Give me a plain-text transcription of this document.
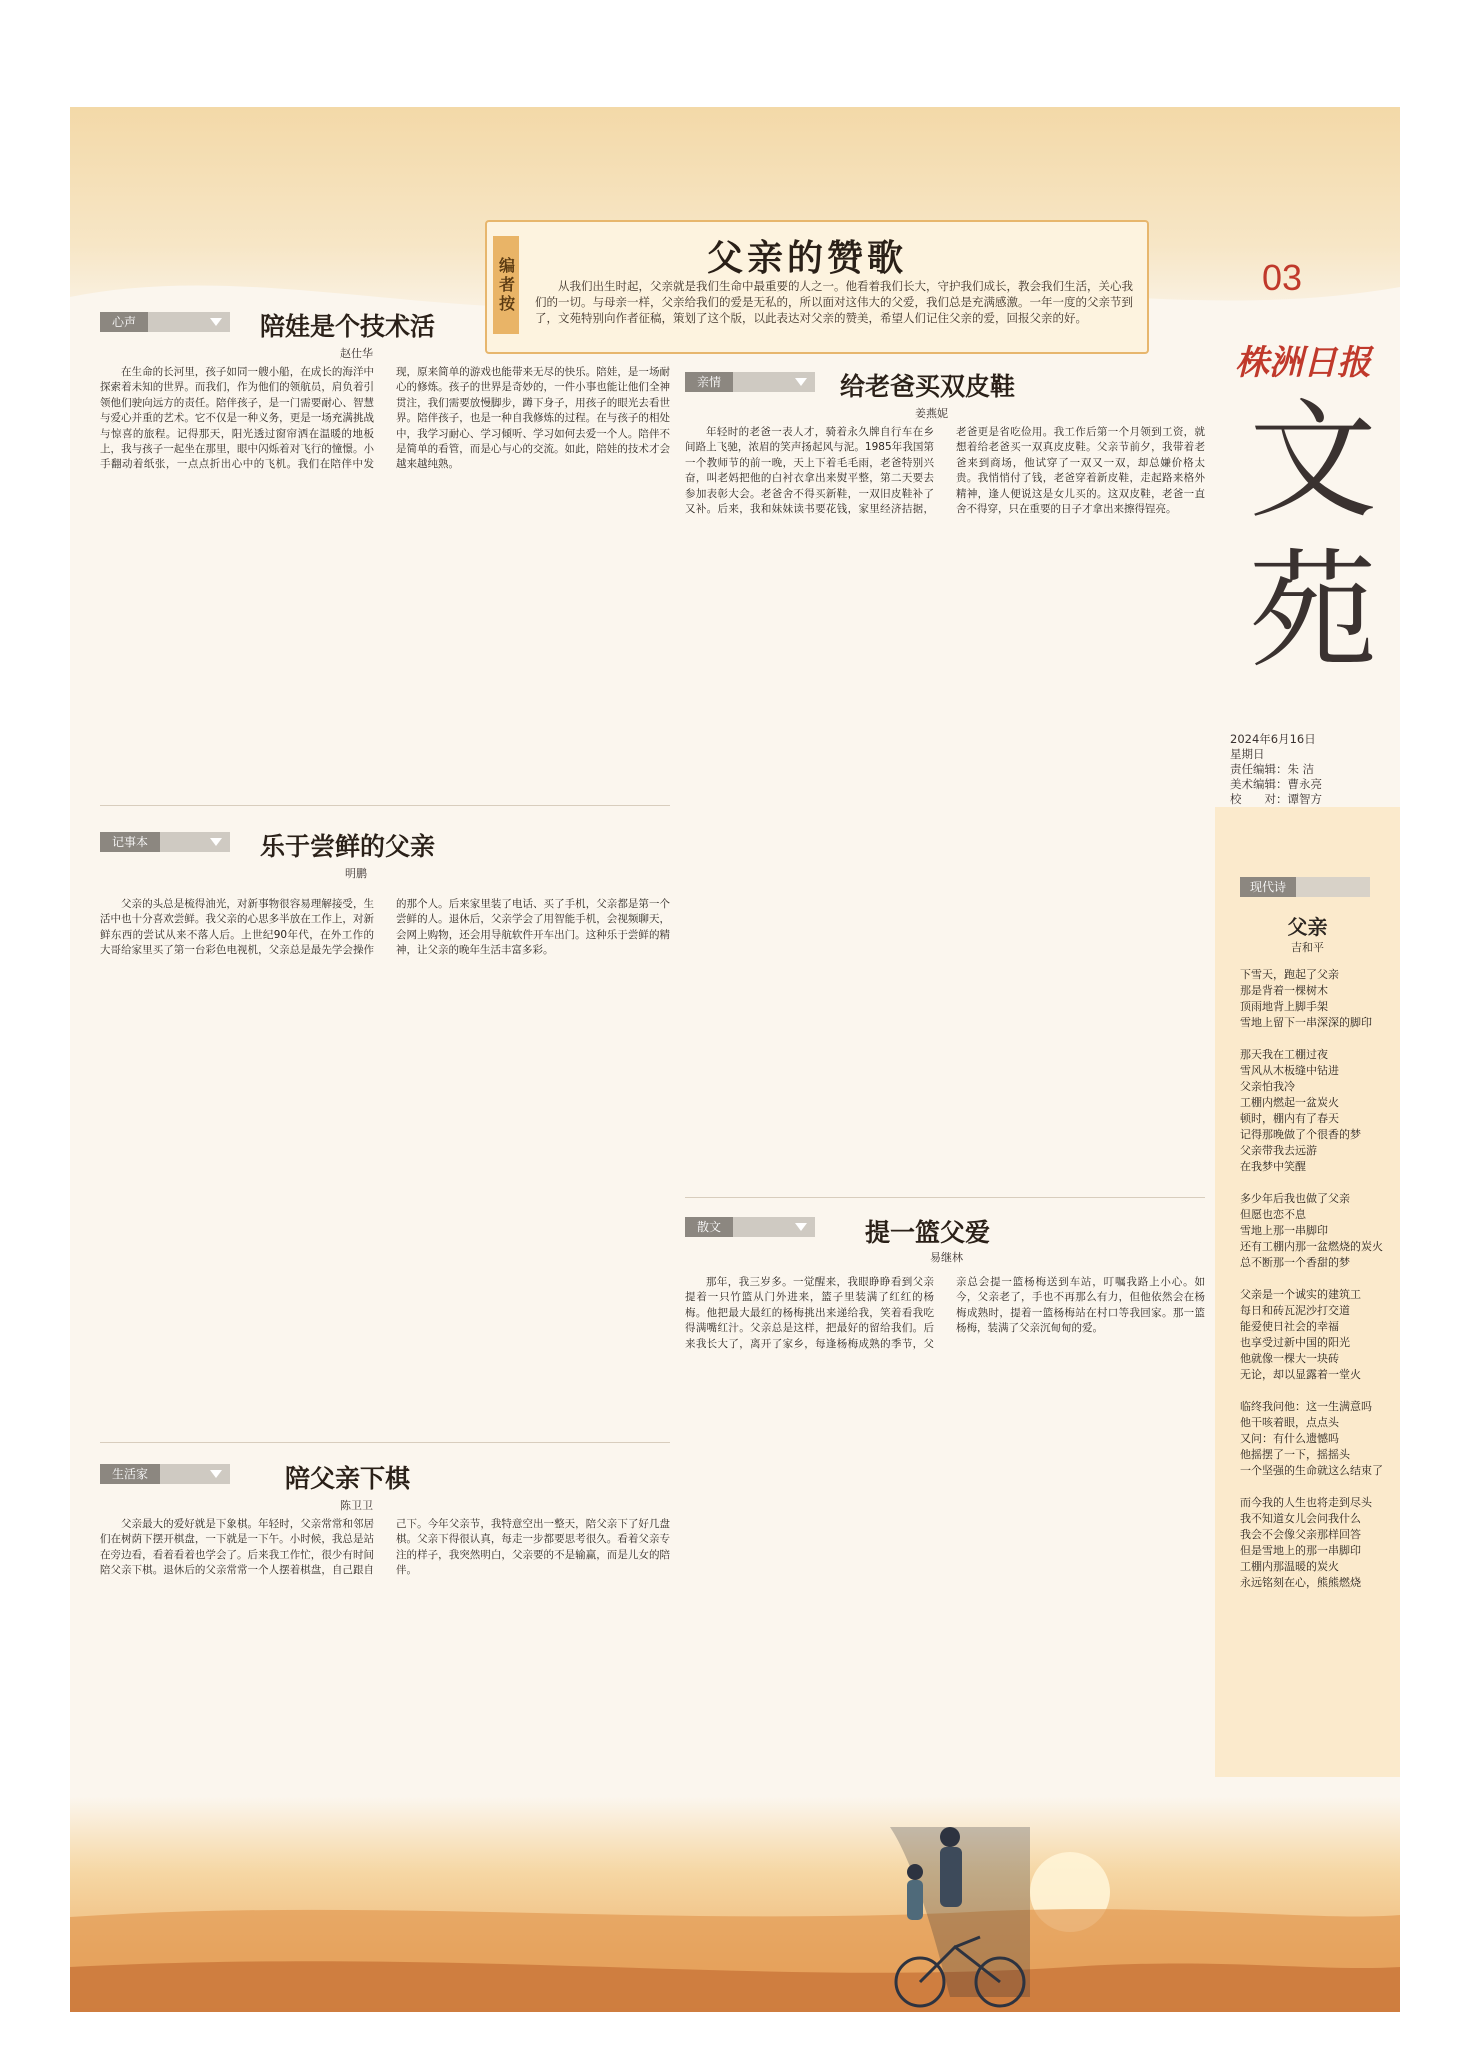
父亲的赞歌
编者按	从我们出生时起，父亲就是我们生命中最重要的人之一。他看着我们长大，守护我们成长，教会我们生活，关心我们的一切。与母亲一样，父亲给我们的爱是无私的，所以面对这伟大的父爱，我们总是充满感激。一年一度的父亲节到了，文苑特别向作者征稿，策划了这个版，以此表达对父亲的赞美，希望人们记住父亲的爱，回报父亲的好。
03
株洲日报
文苑
2024年6月16日
星期日
责任编辑：朱 洁
美术编辑：曹永亮
校　　对：谭智方
心声	陪娃是个技术活
赵仕华

在生命的长河里，孩子如同一艘小船，在成长的海洋中探索着未知的世界。而我们，作为他们的领航员，肩负着引领他们驶向远方的责任。陪伴孩子，是一门需要耐心、智慧与爱心并重的艺术。它不仅是一种义务，更是一场充满挑战与惊喜的旅程。记得那天，阳光透过窗帘洒在温暖的地板上，我与孩子一起坐在那里，眼中闪烁着对飞行的憧憬。小手翻动着纸张，一点点折出心中的飞机。我们在陪伴中发现，原来简单的游戏也能带来无尽的快乐。陪娃，是一场耐心的修炼。孩子的世界是奇妙的，一件小事也能让他们全神贯注，我们需要放慢脚步，蹲下身子，用孩子的眼光去看世界。陪伴孩子，也是一种自我修炼的过程。在与孩子的相处中，我学习耐心、学习倾听、学习如何去爱一个人。陪伴不是简单的看管，而是心与心的交流。如此，陪娃的技术才会越来越纯熟。

记事本	乐于尝鲜的父亲
明鹏

父亲的头总是梳得油光，对新事物很容易理解接受，生活中也十分喜欢尝鲜。我父亲的心思多半放在工作上，对新鲜东西的尝试从来不落人后。上世纪90年代，在外工作的大哥给家里买了第一台彩色电视机，父亲总是最先学会操作的那个人。后来家里装了电话、买了手机，父亲都是第一个尝鲜的人。退休后，父亲学会了用智能手机，会视频聊天，会网上购物，还会用导航软件开车出门。这种乐于尝鲜的精神，让父亲的晚年生活丰富多彩。

生活家	陪父亲下棋
陈卫卫

父亲最大的爱好就是下象棋。年轻时，父亲常常和邻居们在树荫下摆开棋盘，一下就是一下午。小时候，我总是站在旁边看，看着看着也学会了。后来我工作忙，很少有时间陪父亲下棋。退休后的父亲常常一个人摆着棋盘，自己跟自己下。今年父亲节，我特意空出一整天，陪父亲下了好几盘棋。父亲下得很认真，每走一步都要思考很久。看着父亲专注的样子，我突然明白，父亲要的不是输赢，而是儿女的陪伴。

亲情	给老爸买双皮鞋
姜燕妮

年轻时的老爸一表人才，骑着永久牌自行车在乡间路上飞驰，浓眉的笑声扬起风与泥。1985年我国第一个教师节的前一晚，天上下着毛毛雨，老爸特别兴奋，叫老妈把他的白衬衣拿出来熨平整，第二天要去参加表彰大会。老爸舍不得买新鞋，一双旧皮鞋补了又补。后来，我和妹妹读书要花钱，家里经济拮据，老爸更是省吃俭用。我工作后第一个月领到工资，就想着给老爸买一双真皮皮鞋。父亲节前夕，我带着老爸来到商场，他试穿了一双又一双，却总嫌价格太贵。我悄悄付了钱，老爸穿着新皮鞋，走起路来格外精神，逢人便说这是女儿买的。这双皮鞋，老爸一直舍不得穿，只在重要的日子才拿出来擦得锃亮。

散文	提一篮父爱
易继林

那年，我三岁多。一觉醒来，我眼睁睁看到父亲提着一只竹篮从门外进来，篮子里装满了红红的杨梅。他把最大最红的杨梅挑出来递给我，笑着看我吃得满嘴红汁。父亲总是这样，把最好的留给我们。后来我长大了，离开了家乡，每逢杨梅成熟的季节，父亲总会提一篮杨梅送到车站，叮嘱我路上小心。如今，父亲老了，手也不再那么有力，但他依然会在杨梅成熟时，提着一篮杨梅站在村口等我回家。那一篮杨梅，装满了父亲沉甸甸的爱。

现代诗
父亲
吉和平
下雪天，跑起了父亲
那是背着一棵树木
顶雨地背上脚手架
雪地上留下一串深深的脚印
那天我在工棚过夜
雪风从木板缝中钻进
父亲怕我冷
工棚内燃起一盆炭火
顿时，棚内有了春天
记得那晚做了个很香的梦
父亲带我去远游
在我梦中笑醒
多少年后我也做了父亲
但愿也恋不息
雪地上那一串脚印
还有工棚内那一盆燃烧的炭火
总不断那一个香甜的梦
父亲是一个诚实的建筑工
每日和砖瓦泥沙打交道
能爱使日社会的幸福
也享受过新中国的阳光
他就像一棵大一块砖
无论，却以显露着一堂火
临终我问他：这一生满意吗
他干咳着眼，点点头
又问：有什么遗憾吗
他摇摆了一下，摇摇头
一个坚强的生命就这么结束了
而今我的人生也将走到尽头
我不知道女儿会问我什么
我会不会像父亲那样回答
但是雪地上的那一串脚印
工棚内那温暖的炭火
永远铭刻在心，熊熊燃烧
